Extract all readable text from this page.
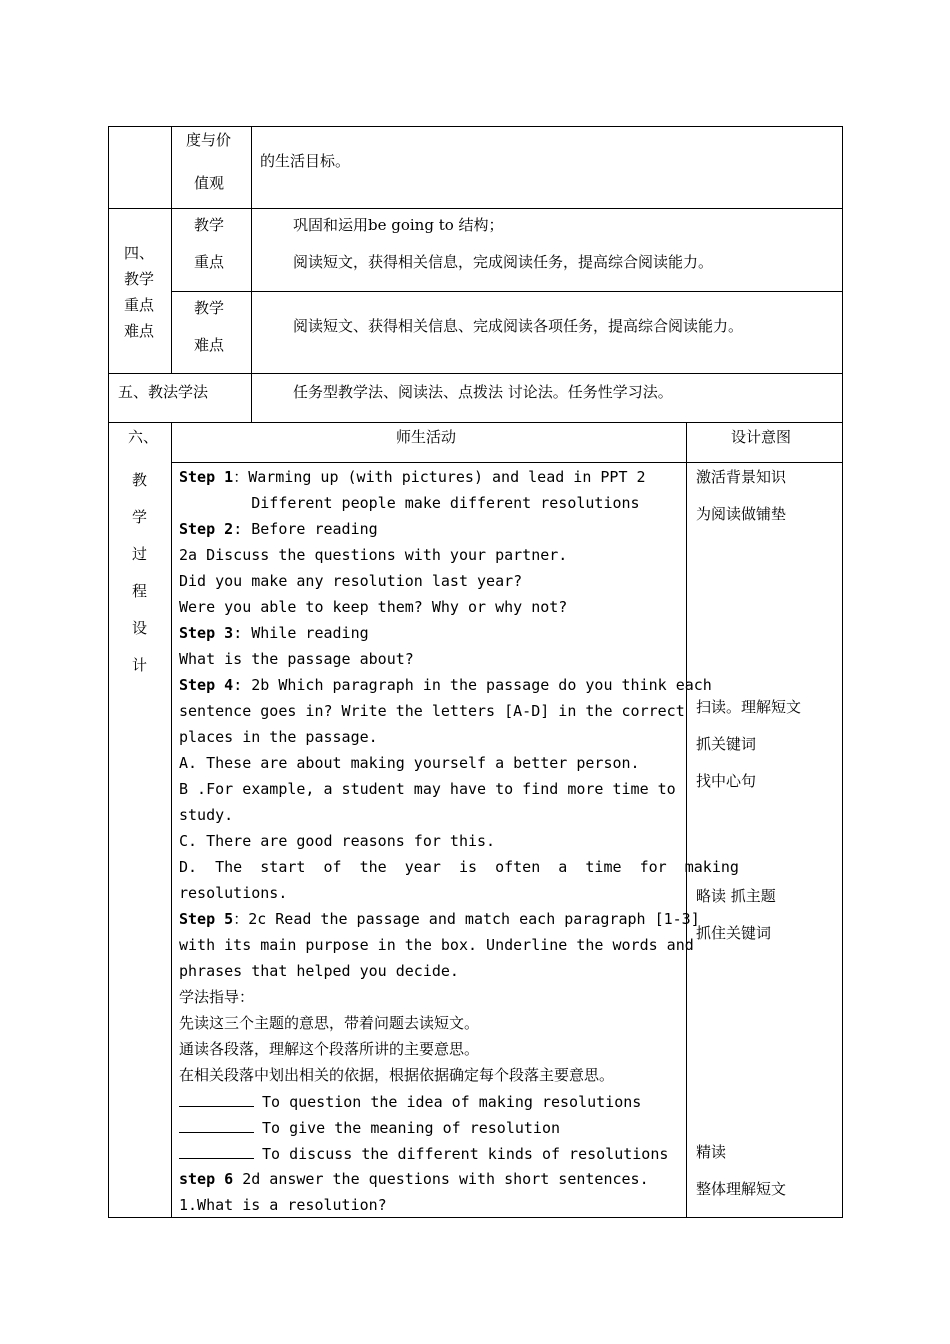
度与价
值观
的生活目标。
四、
教学
重点
难点
教学
重点
巩固和运用be going to 结构；
阅读短文，获得相关信息，完成阅读任务，提高综合阅读能力。
教学
难点
阅读短文、获得相关信息、完成阅读各项任务，提高综合阅读能力。
五、教法学法	任务型教学法、阅读法、点拨法 讨论法。任务性学习法。
六、
教
学
过
程
设
计
师生活动	设计意图
Step 1：Warming up (with pictures) and lead in PPT 2
Different people make different resolutions
Step 2: Before reading
2a Discuss the questions with your partner.
Did you make any resolution last year?
Were you able to keep them? Why or why not?
Step 3: While reading
What is the passage about?
Step 4: 2b Which paragraph in the passage do you think each
sentence goes in? Write the letters [A-D] in the correct
places in the passage.
A. These are about making yourself a better person.
B .For example, a student may have to find more time to
study.
C. There are good reasons for this.
D.  The  start  of  the  year  is  often  a  time  for  making
resolutions.
Step 5：2c Read the passage and match each paragraph [1-3]
with its main purpose in the box. Underline the words and
phrases that helped you decide.
学法指导：
先读这三个主题的意思，带着问题去读短文。
通读各段落，理解这个段落所讲的主要意思。
在相关段落中划出相关的依据，根据依据确定每个段落主要意思。
To question the idea of making resolutions
To give the meaning of resolution
To discuss the different kinds of resolutions
step 6 2d answer the questions with short sentences.
1.What is a resolution?
激活背景知识
为阅读做铺垫
扫读。理解短文
抓关键词
找中心句
略读 抓主题
抓住关键词
精读
整体理解短文
